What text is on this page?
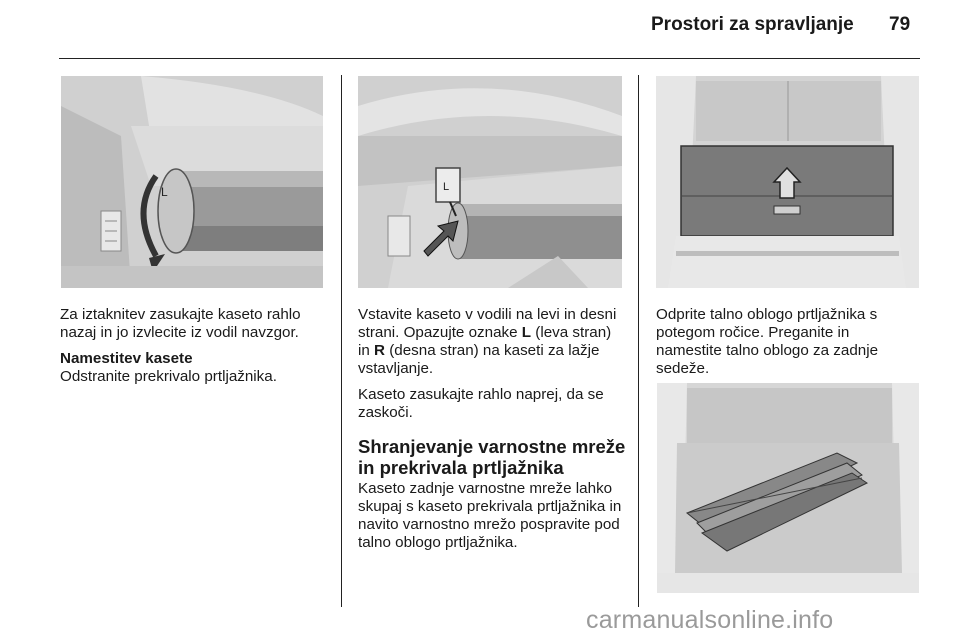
Prostori za spravljanje 79
L	L

Za iztaknitev zasukajte kaseto rahlo nazaj in jo izvlecite iz vodil navzgor.

Namestitev kasete
Odstranite prekrivalo prtljažnika.

Vstavite kaseto v vodili na levi in desni strani. Opazujte oznake L (leva stran) in R (desna stran) na kaseti za lažje vstavljanje.

Kaseto zasukajte rahlo naprej, da se zaskoči.

Shranjevanje varnostne mreže in prekrivala prtljažnika

Kaseto zadnje varnostne mreže lahko skupaj s kaseto prekrivala prtljažnika in navito varnostno mrežo pospravite pod talno oblogo prtljažnika.

Odprite talno oblogo prtljažnika s potegom ročice. Preganite in namestite talno oblogo za zadnje sedeže.

carmanualsonline.info
